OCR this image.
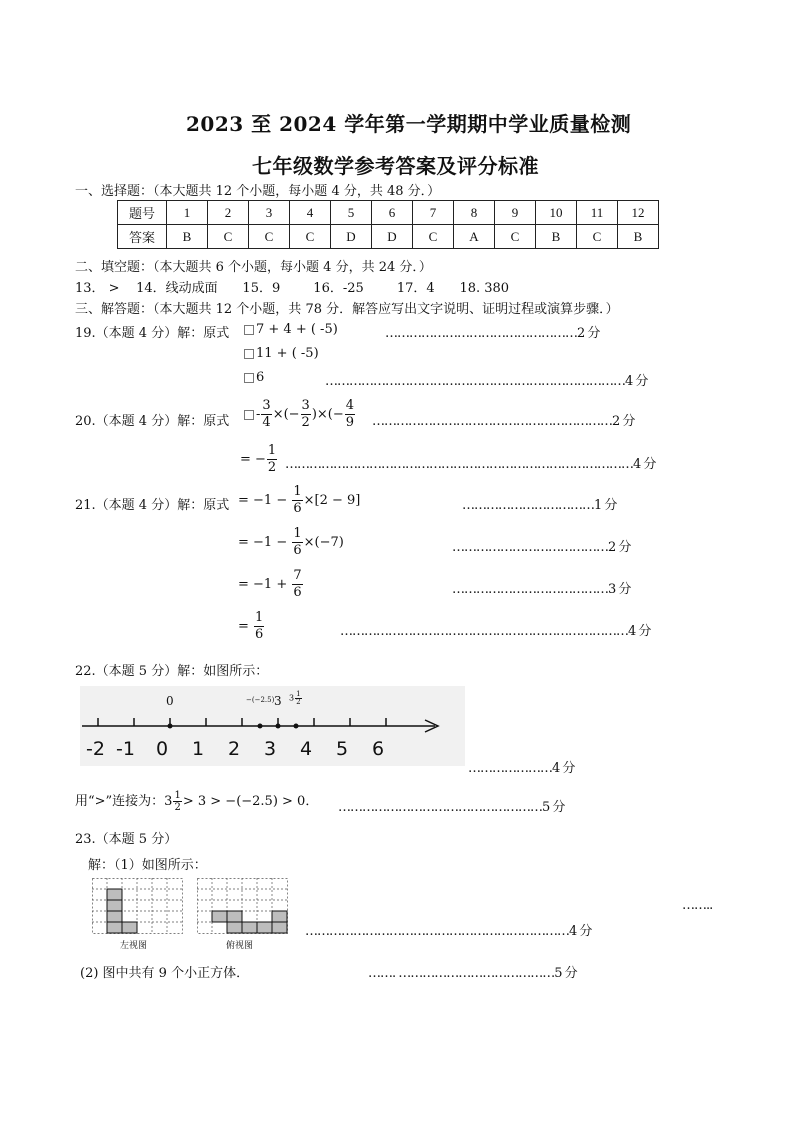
2023 至 2024 学年第一学期期中学业质量检测
七年级数学参考答案及评分标准
一、选择题：（本大题共 12 个小题，每小题 4 分，共 48 分．）
题号	1	2	3	4	5	6	7	8	9	10	11	12
答案	B	C	C	C	D	D	C	A	C	B	C	B
二、填空题：（本大题共 6 个小题，每小题 4 分，共 24 分．）
13． >    14．线动成面      15．9        16．-25        17．4      18. 380
三、解答题：（本大题共 12 个小题，共 78 分．解答应写出文字说明、证明过程或演算步骤．）
19.（本题 4 分）解：原式	7 + 4 + ( -5)	…………………………………………2 分
11 + ( -5)
6	…………………………………………………………………4 分
20.（本题 4 分）解：原式	- $\frac{3}{4}$ ×(− $\frac{3}{2}$ )×(− $\frac{4}{9}$ ……………………………………………………2 分
= − $\frac{1}{2}$ ……………………………………………………………………………4 分
21.（本题 4 分）解：原式 = $-1 - \frac{1}{6} \times[2 - 9]$	……………………………1 分
= $-1 - \frac{1}{6} \times(-7)$	…………………………………2 分
= $-1 + \frac{7}{6}$	…………………………………3 分
= $\frac{1}{6}$	………………………………………………………………4 分
22.（本题 5 分）解：如图所示：
0	−(−2.5) 3 $3 \frac{1}{2}$
-2 -1 0 1 2 3 4 5 6
…………………4 分
用“>”连接为：$3 \frac{1}{2} > 3 > -(-2.5) > 0$． ……………………………………………5 分
23.（本题 5 分）
解：（1）如图所示：
左视图	俯视图
……..
…………………………………………………………4 分
(2) 图中共有 9 个小正方体．	……. …………………………………5 分
